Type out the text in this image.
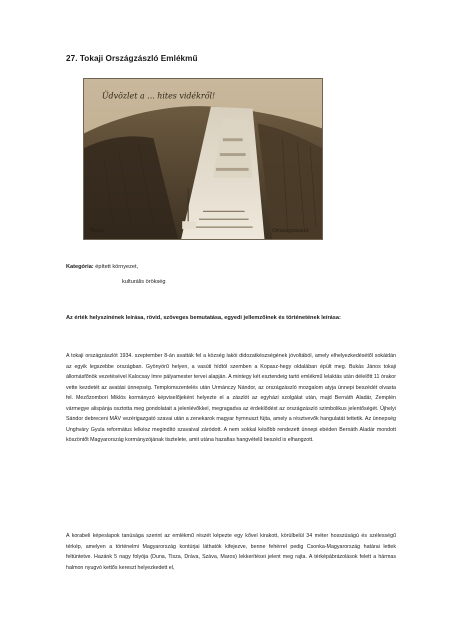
27. Tokaji Országzászló Emlékmű
Üdvözlet a ... hites vidékről!
Tokaj	Országzászló
Kategória: épített környezet,
kulturális örökség
Az érték helyszínének leírása, rövid, szöveges bemutatása, egyedi jellemzőinek és történetének leírása:
A tokaji országzászlót 1934. szeptember 8-án avatták fel a község lakói didozatkészségének jóvoltából, amely elhelyezkedésétől sokáidán az egyik legszebbe országban. Gyönyörű helyen, a vasúti hídtól szemben a Kopasz-hegy oldalában épült meg. Bukás János tokaji állomásfőnök vezetésével Kalocsay Imre pályamester tervei alapján. A mintegy két esztendeig tartó emlékmű lelaktás után délelőtt 11 órakor vette kezdetét az avatási ünnepség. Templomszentelés után Urmánczy Nándor, az országzászló mozgalom atyja ünnepi beszédét olvasta fel. Mezőzombori Miklós kormányzó képviselőjeként helyezte el a zászlót az egyházi szolgálat után, majd Bernáth Aladár, Zemplén vármegye alispánja osztotta meg gondolatait a jelenlévőkkel, megragadva az érdeklődést az országzászló szimbolikus jelentőségét. Újhelyi Sándor debreceni MÁV vezérigazgató szavai után a zenekarok magyar hymnuszt fújta, amely a résztvevők hangulatát tettetik. Az ünnepség Unghváry Gyula református lelkész megindító szavaival záródott. A nem sokkal később rendezett ünnepi ebéden Bernáth Aladár mondott köszöntőt Magyarország kormányzójának tisztelete, amit utána hazafias hangvételű beszéd is elhangzott.
A korabeli képeslapok tanúsága szerint az emlékmű részét képezte egy kővel kirakott, körülbelül 34 méter hosszúságú és szélességű térkép, amelyen a történelmi Magyarország kontúrjai láthatók kifejezve, benne fehérrel pedig Csonka-Magyarország határai lettek feltüntetve. Hazánk 5 nagy folyója (Duna, Tisza, Dráva, Száva, Maros) lekkerítései jelent meg rajta. A térképábrázolások felett a hármas halmon nyugvó kettős kereszt helyezkedett el,
